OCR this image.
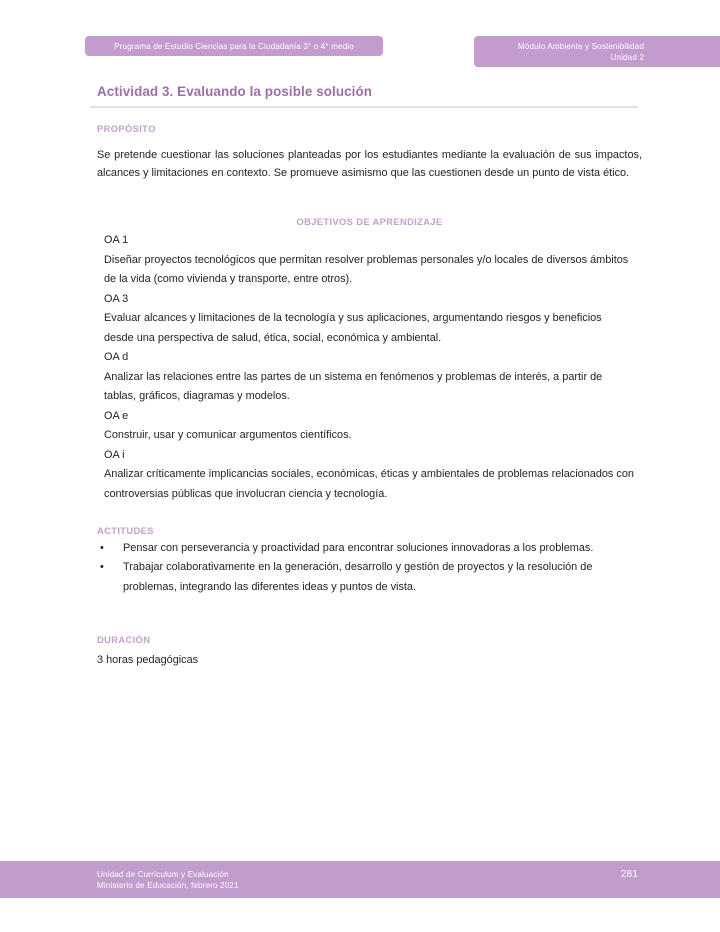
Programa de Estudio Ciencias para la Ciudadanía 3° o 4° medio	Módulo Ambiente y Sostenibilidad
Unidad 2
Actividad 3. Evaluando la posible solución
PROPÓSITO
Se pretende cuestionar las soluciones planteadas por los estudiantes mediante la evaluación de sus impactos, alcances y limitaciones en contexto. Se promueve asimismo que las cuestionen desde un punto de vista ético.
OBJETIVOS DE APRENDIZAJE
OA 1
Diseñar proyectos tecnológicos que permitan resolver problemas personales y/o locales de diversos ámbitos de la vida (como vivienda y transporte, entre otros).
OA 3
Evaluar alcances y limitaciones de la tecnología y sus aplicaciones, argumentando riesgos y beneficios desde una perspectiva de salud, ética, social, económica y ambiental.
OA d
Analizar las relaciones entre las partes de un sistema en fenómenos y problemas de interés, a partir de tablas, gráficos, diagramas y modelos.
OA e
Construir, usar y comunicar argumentos científicos.
OA i
Analizar críticamente implicancias sociales, económicas, éticas y ambientales de problemas relacionados con controversias públicas que involucran ciencia y tecnología.
ACTITUDES
• Pensar con perseverancia y proactividad para encontrar soluciones innovadoras a los problemas.
• Trabajar colaborativamente en la generación, desarrollo y gestión de proyectos y la resolución de problemas, integrando las diferentes ideas y puntos de vista.
DURACIÓN
3 horas pedagógicas
Unidad de Currículum y Evaluación
Ministerio de Educación, febrero 2021
281
